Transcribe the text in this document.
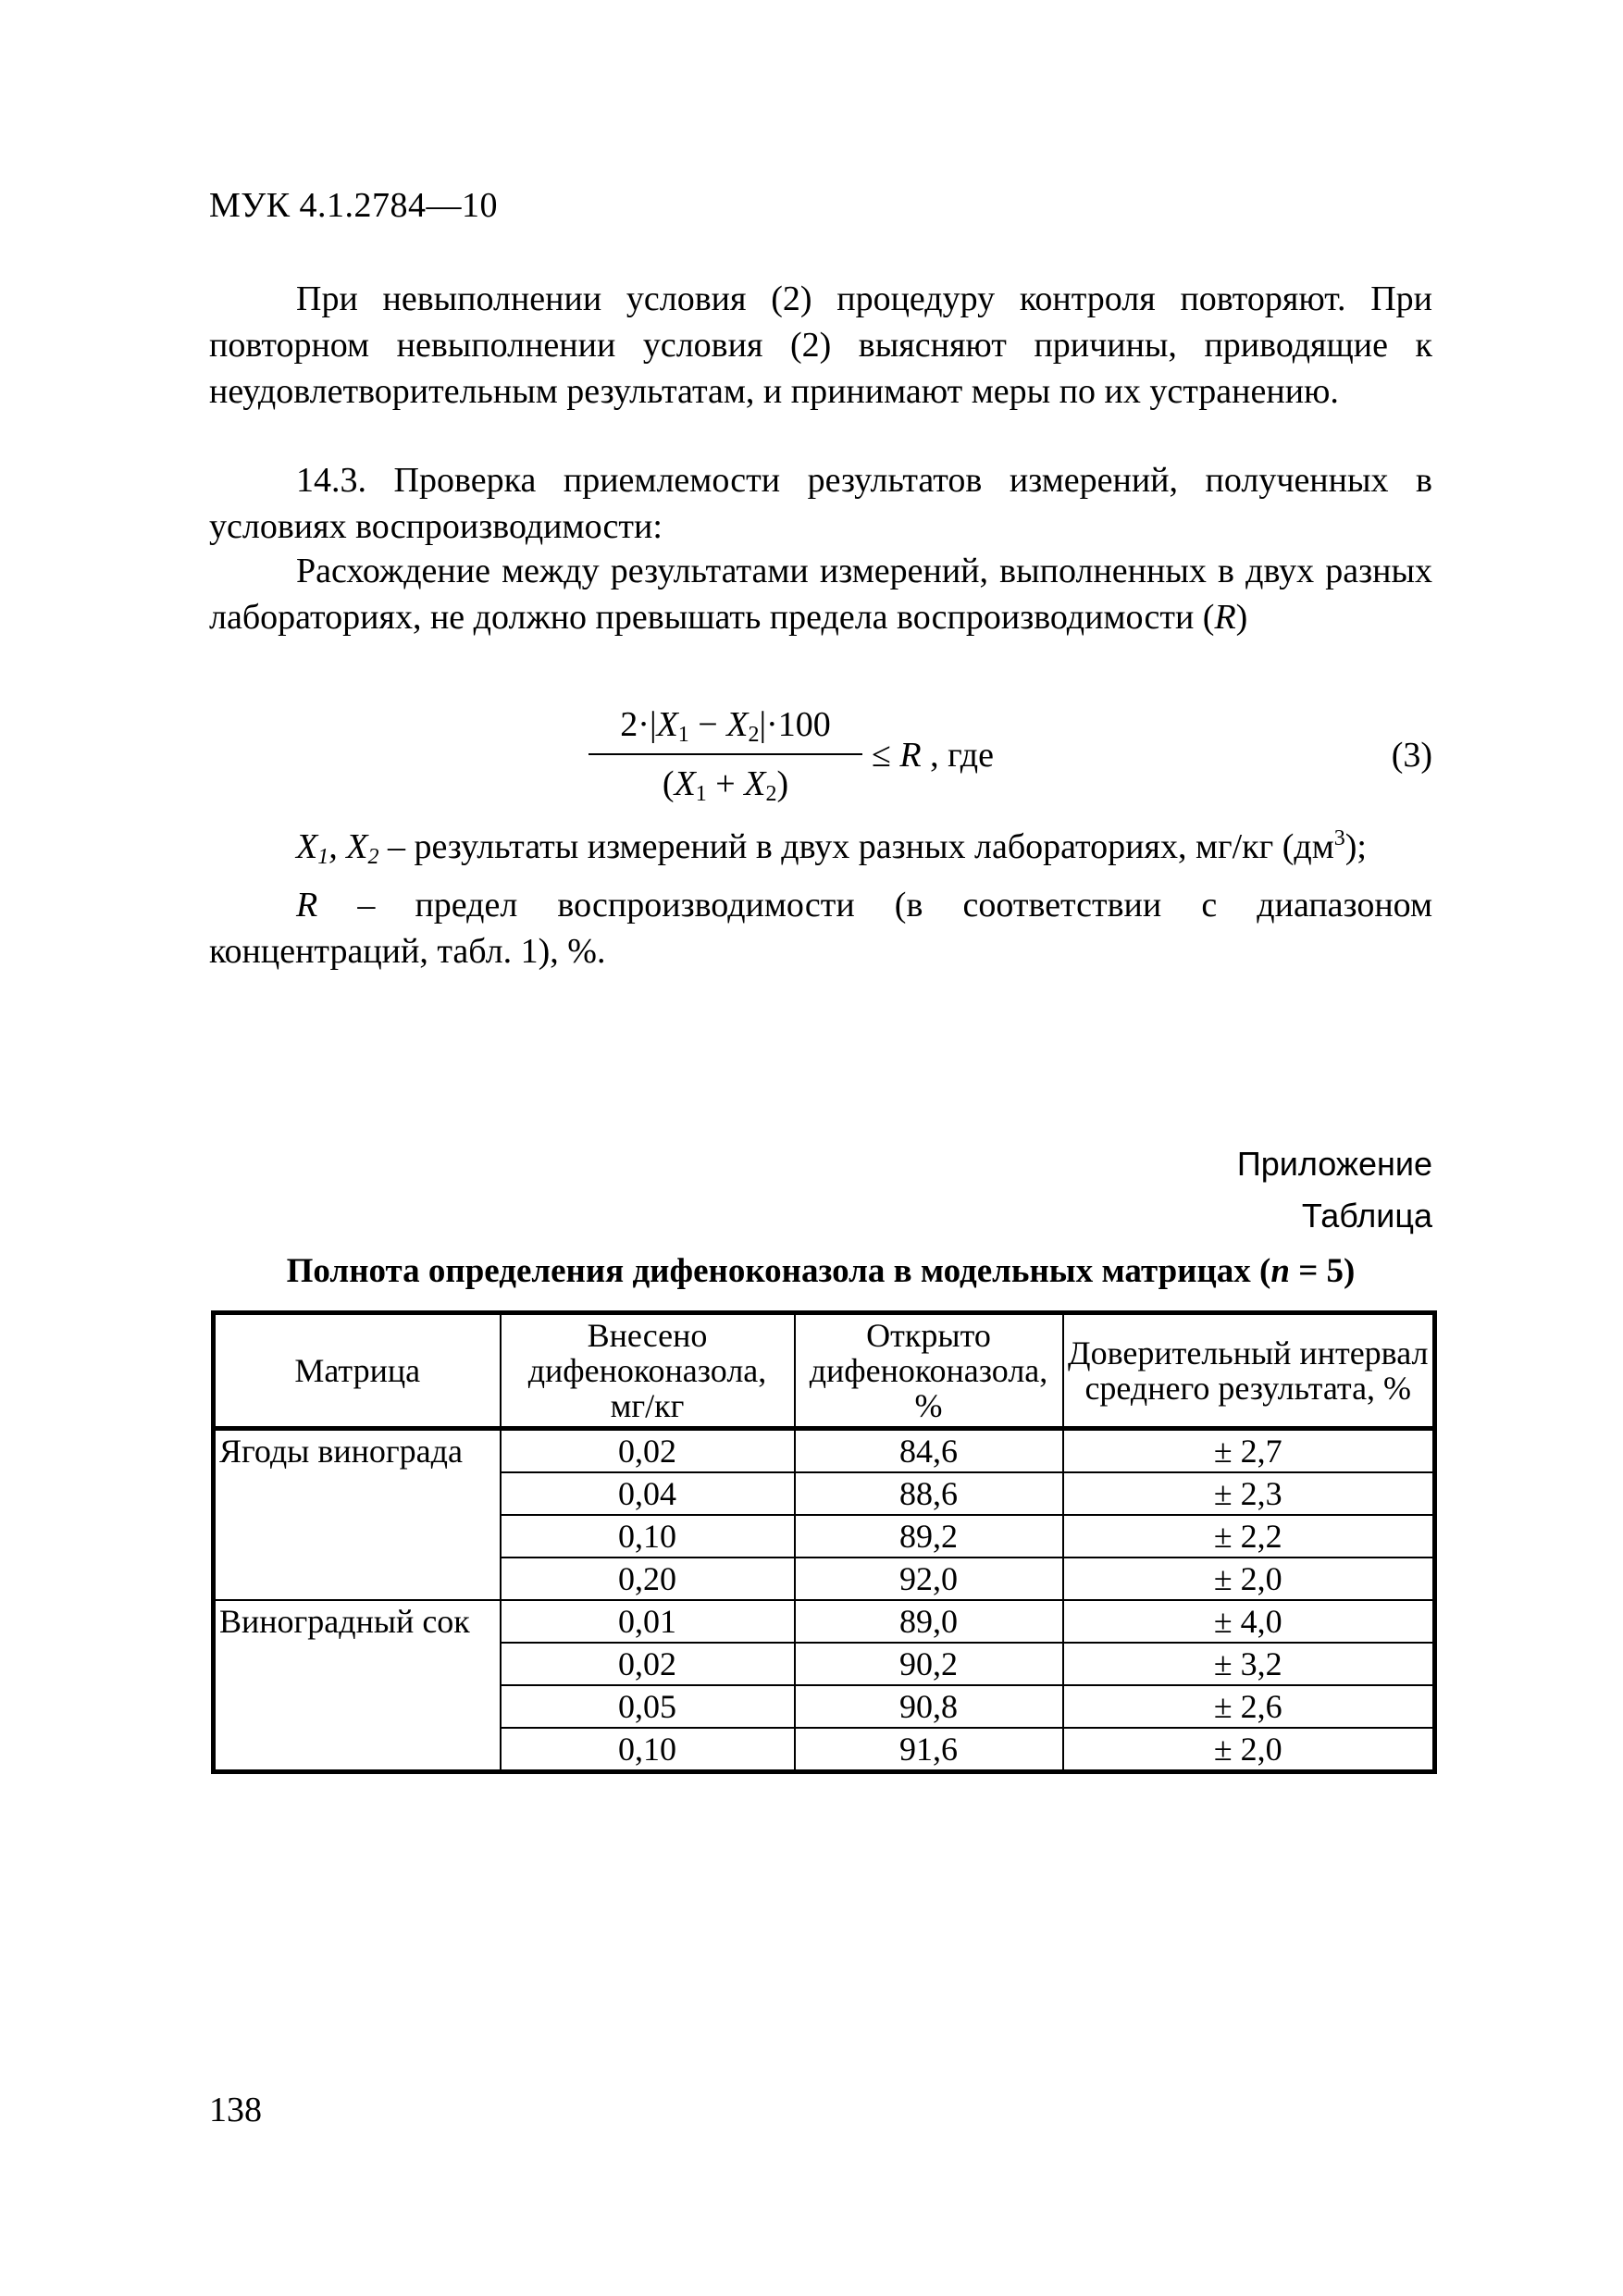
МУК 4.1.2784—10

При невыполнении условия (2) процедуру контроля повторяют. При повторном невыполнении условия (2) выясняют причины, приводящие к неудовлетворительным результатам, и принимают меры по их устранению.

14.3. Проверка приемлемости результатов измерений, полученных в условиях воспроизводимости:

Расхождение между результатами измерений, выполненных в двух разных лабораториях, не должно превышать предела воспроизводимости (R)

$2\cdot|X_1 - X_2|\cdot 100$
$(X_1 + X_2)$
≤ R , где	(3)

$X_1$, $X_2$ – результаты измерений в двух разных лабораториях, мг/кг $(дм^3)$;

R – предел воспроизводимости (в соответствии с диапазоном концентраций, табл. 1), %.

Приложение
Таблица
Полнота определения дифеноконазола в модельных матрицах (n = 5)
Матрица	Внесено дифеноконазола, мг/кг	Открыто дифеноконазола, %	Доверительный интервал среднего результата, %
Ягоды винограда	0,02	84,6	± 2,7
	0,04	88,6	± 2,3
	0,10	89,2	± 2,2
	0,20	92,0	± 2,0
Виноградный сок	0,01	89,0	± 4,0
	0,02	90,2	± 3,2
	0,05	90,8	± 2,6
	0,10	91,6	± 2,0
138
